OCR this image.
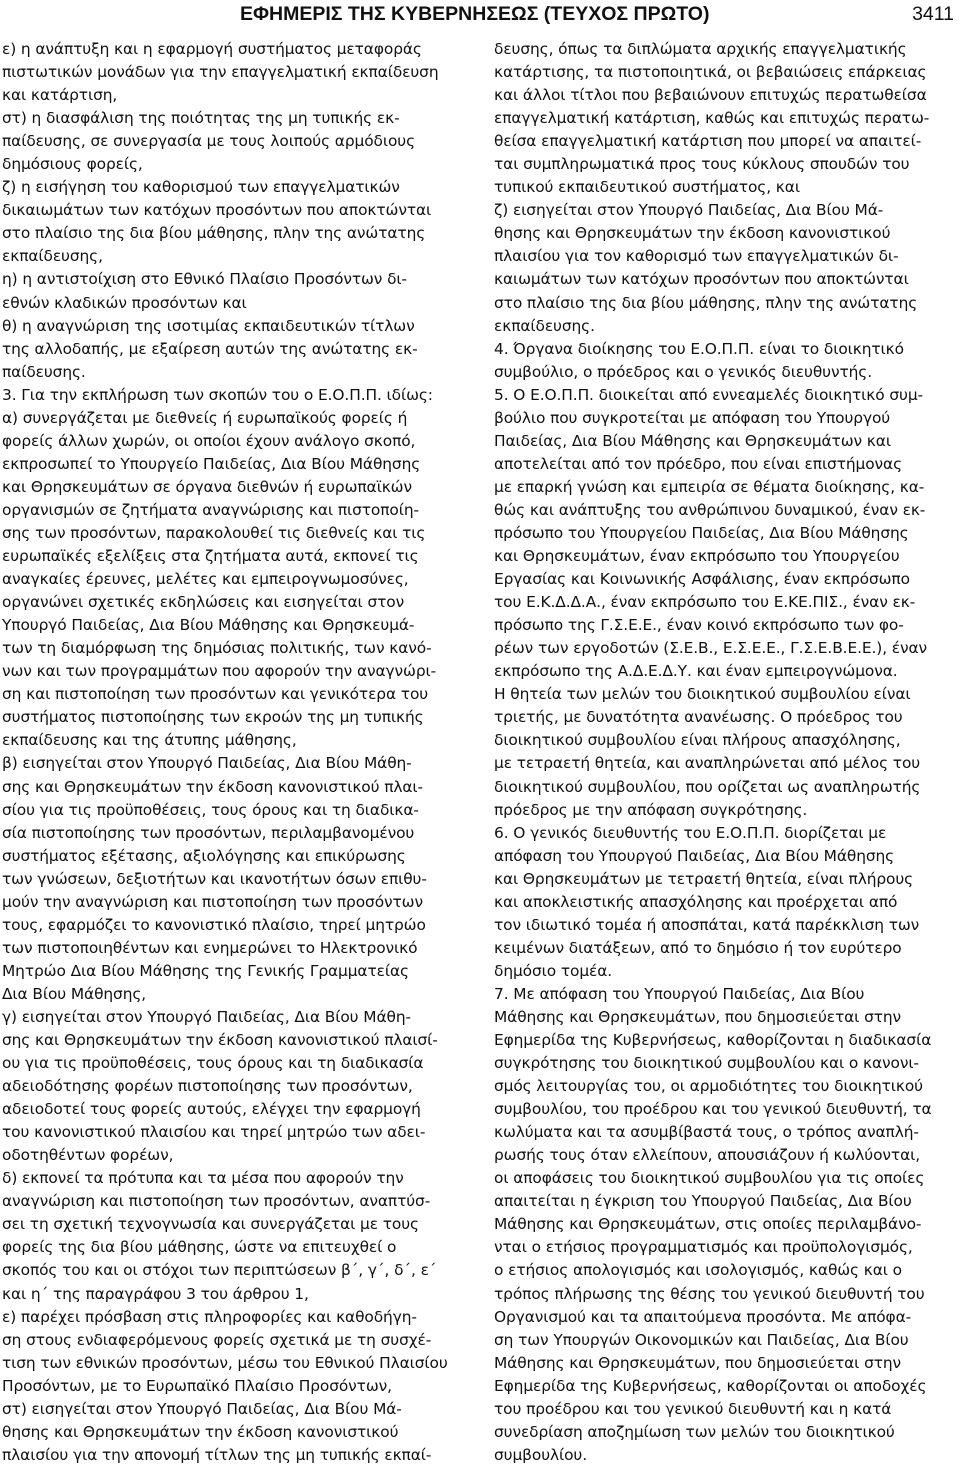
ΕΦΗΜΕΡΙΣ ΤΗΣ ΚΥΒΕΡΝΗΣΕΩΣ (ΤΕΥΧΟΣ ΠΡΩΤΟ)	3411
ε) η ανάπτυξη και η εφαρμογή συστήματος μεταφοράς
πιστωτικών μονάδων για την επαγγελματική εκπαίδευση
και κατάρτιση,
στ) η διασφάλιση της ποιότητας της μη τυπικής εκ-
παίδευσης, σε συνεργασία με τους λοιπούς αρμόδιους
δημόσιους φορείς,
ζ) η εισήγηση του καθορισμού των επαγγελματικών
δικαιωμάτων των κατόχων προσόντων που αποκτώνται
στο πλαίσιο της δια βίου μάθησης, πλην της ανώτατης
εκπαίδευσης,
η) η αντιστοίχιση στο Εθνικό Πλαίσιο Προσόντων δι-
εθνών κλαδικών προσόντων και
θ) η αναγνώριση της ισοτιμίας εκπαιδευτικών τίτλων
της αλλοδαπής, με εξαίρεση αυτών της ανώτατης εκ-
παίδευσης.
3. Για την εκπλήρωση των σκοπών του ο Ε.Ο.Π.Π. ιδίως:
α) συνεργάζεται με διεθνείς ή ευρωπαϊκούς φορείς ή
φορείς άλλων χωρών, οι οποίοι έχουν ανάλογο σκοπό,
εκπροσωπεί το Υπουργείο Παιδείας, Δια Βίου Μάθησης
και Θρησκευμάτων σε όργανα διεθνών ή ευρωπαϊκών
οργανισμών σε ζητήματα αναγνώρισης και πιστοποίη-
σης των προσόντων, παρακολουθεί τις διεθνείς και τις
ευρωπαϊκές εξελίξεις στα ζητήματα αυτά, εκπονεί τις
αναγκαίες έρευνες, μελέτες και εμπειρογνωμοσύνες,
οργανώνει σχετικές εκδηλώσεις και εισηγείται στον
Υπουργό Παιδείας, Δια Βίου Μάθησης και Θρησκευμά-
των τη διαμόρφωση της δημόσιας πολιτικής, των κανό-
νων και των προγραμμάτων που αφορούν την αναγνώρι-
ση και πιστοποίηση των προσόντων και γενικότερα του
συστήματος πιστοποίησης των εκροών της μη τυπικής
εκπαίδευσης και της άτυπης μάθησης,
β) εισηγείται στον Υπουργό Παιδείας, Δια Βίου Μάθη-
σης και Θρησκευμάτων την έκδοση κανονιστικού πλαι-
σίου για τις προϋποθέσεις, τους όρους και τη διαδικα-
σία πιστοποίησης των προσόντων, περιλαμβανομένου
συστήματος εξέτασης, αξιολόγησης και επικύρωσης
των γνώσεων, δεξιοτήτων και ικανοτήτων όσων επιθυ-
μούν την αναγνώριση και πιστοποίηση των προσόντων
τους, εφαρμόζει το κανονιστικό πλαίσιο, τηρεί μητρώο
των πιστοποιηθέντων και ενημερώνει το Ηλεκτρονικό
Μητρώο Δια Βίου Μάθησης της Γενικής Γραμματείας
Δια Βίου Μάθησης,
γ) εισηγείται στον Υπουργό Παιδείας, Δια Βίου Μάθη-
σης και Θρησκευμάτων την έκδοση κανονιστικού πλαισί-
ου για τις προϋποθέσεις, τους όρους και τη διαδικασία
αδειοδότησης φορέων πιστοποίησης των προσόντων,
αδειοδοτεί τους φορείς αυτούς, ελέγχει την εφαρμογή
του κανονιστικού πλαισίου και τηρεί μητρώο των αδει-
οδοτηθέντων φορέων,
δ) εκπονεί τα πρότυπα και τα μέσα που αφορούν την
αναγνώριση και πιστοποίηση των προσόντων, αναπτύσ-
σει τη σχετική τεχνογνωσία και συνεργάζεται με τους
φορείς της δια βίου μάθησης, ώστε να επιτευχθεί ο
σκοπός του και οι στόχοι των περιπτώσεων β΄, γ΄, δ΄, ε΄
και η΄ της παραγράφου 3 του άρθρου 1,
ε) παρέχει πρόσβαση στις πληροφορίες και καθοδήγη-
ση στους ενδιαφερόμενους φορείς σχετικά με τη συσχέ-
τιση των εθνικών προσόντων, μέσω του Εθνικού Πλαισίου
Προσόντων, με το Ευρωπαϊκό Πλαίσιο Προσόντων,
στ) εισηγείται στον Υπουργό Παιδείας, Δια Βίου Μά-
θησης και Θρησκευμάτων την έκδοση κανονιστικού
πλαισίου για την απονομή τίτλων της μη τυπικής εκπαί-
δευσης, όπως τα διπλώματα αρχικής επαγγελματικής
κατάρτισης, τα πιστοποιητικά, οι βεβαιώσεις επάρκειας
και άλλοι τίτλοι που βεβαιώνουν επιτυχώς περατωθείσα
επαγγελματική κατάρτιση, καθώς και επιτυχώς περατω-
θείσα επαγγελματική κατάρτιση που μπορεί να απαιτεί-
ται συμπληρωματικά προς τους κύκλους σπουδών του
τυπικού εκπαιδευτικού συστήματος, και
ζ) εισηγείται στον Υπουργό Παιδείας, Δια Βίου Μά-
θησης και Θρησκευμάτων την έκδοση κανονιστικού
πλαισίου για τον καθορισμό των επαγγελματικών δι-
καιωμάτων των κατόχων προσόντων που αποκτώνται
στο πλαίσιο της δια βίου μάθησης, πλην της ανώτατης
εκπαίδευσης.
4. Όργανα διοίκησης του Ε.Ο.Π.Π. είναι το διοικητικό
συμβούλιο, ο πρόεδρος και ο γενικός διευθυντής.
5. Ο Ε.Ο.Π.Π. διοικείται από εννεαμελές διοικητικό συμ-
βούλιο που συγκροτείται με απόφαση του Υπουργού
Παιδείας, Δια Βίου Μάθησης και Θρησκευμάτων και
αποτελείται από τον πρόεδρο, που είναι επιστήμονας
με επαρκή γνώση και εμπειρία σε θέματα διοίκησης, κα-
θώς και ανάπτυξης του ανθρώπινου δυναμικού, έναν εκ-
πρόσωπο του Υπουργείου Παιδείας, Δια Βίου Μάθησης
και Θρησκευμάτων, έναν εκπρόσωπο του Υπουργείου
Εργασίας και Κοινωνικής Ασφάλισης, έναν εκπρόσωπο
του Ε.Κ.Δ.Δ.Α., έναν εκπρόσωπο του Ε.ΚΕ.ΠΙΣ., έναν εκ-
πρόσωπο της Γ.Σ.Ε.Ε., έναν κοινό εκπρόσωπο των φο-
ρέων των εργοδοτών (Σ.Ε.Β., Ε.Σ.Ε.Ε., Γ.Σ.Ε.Β.Ε.Ε.), έναν
εκπρόσωπο της Α.Δ.Ε.Δ.Υ. και έναν εμπειρογνώμονα.
Η θητεία των μελών του διοικητικού συμβουλίου είναι
τριετής, με δυνατότητα ανανέωσης. Ο πρόεδρος του
διοικητικού συμβουλίου είναι πλήρους απασχόλησης,
με τετραετή θητεία, και αναπληρώνεται από μέλος του
διοικητικού συμβουλίου, που ορίζεται ως αναπληρωτής
πρόεδρος με την απόφαση συγκρότησης.
6. Ο γενικός διευθυντής του Ε.Ο.Π.Π. διορίζεται με
απόφαση του Υπουργού Παιδείας, Δια Βίου Μάθησης
και Θρησκευμάτων με τετραετή θητεία, είναι πλήρους
και αποκλειστικής απασχόλησης και προέρχεται από
τον ιδιωτικό τομέα ή αποσπάται, κατά παρέκκλιση των
κειμένων διατάξεων, από το δημόσιο ή τον ευρύτερο
δημόσιο τομέα.
7. Με απόφαση του Υπουργού Παιδείας, Δια Βίου
Μάθησης και Θρησκευμάτων, που δημοσιεύεται στην
Εφημερίδα της Κυβερνήσεως, καθορίζονται η διαδικασία
συγκρότησης του διοικητικού συμβουλίου και ο κανονι-
σμός λειτουργίας του, οι αρμοδιότητες του διοικητικού
συμβουλίου, του προέδρου και του γενικού διευθυντή, τα
κωλύματα και τα ασυμβίβαστά τους, ο τρόπος αναπλή-
ρωσής τους όταν ελλείπουν, απουσιάζουν ή κωλύονται,
οι αποφάσεις του διοικητικού συμβουλίου για τις οποίες
απαιτείται η έγκριση του Υπουργού Παιδείας, Δια Βίου
Μάθησης και Θρησκευμάτων, στις οποίες περιλαμβάνο-
νται ο ετήσιος προγραμματισμός και προϋπολογισμός,
ο ετήσιος απολογισμός και ισολογισμός, καθώς και ο
τρόπος πλήρωσης της θέσης του γενικού διευθυντή του
Οργανισμού και τα απαιτούμενα προσόντα. Με απόφα-
ση των Υπουργών Οικονομικών και Παιδείας, Δια Βίου
Μάθησης και Θρησκευμάτων, που δημοσιεύεται στην
Εφημερίδα της Κυβερνήσεως, καθορίζονται οι αποδοχές
του προέδρου και του γενικού διευθυντή και η κατά
συνεδρίαση αποζημίωση των μελών του διοικητικού
συμβουλίου.
